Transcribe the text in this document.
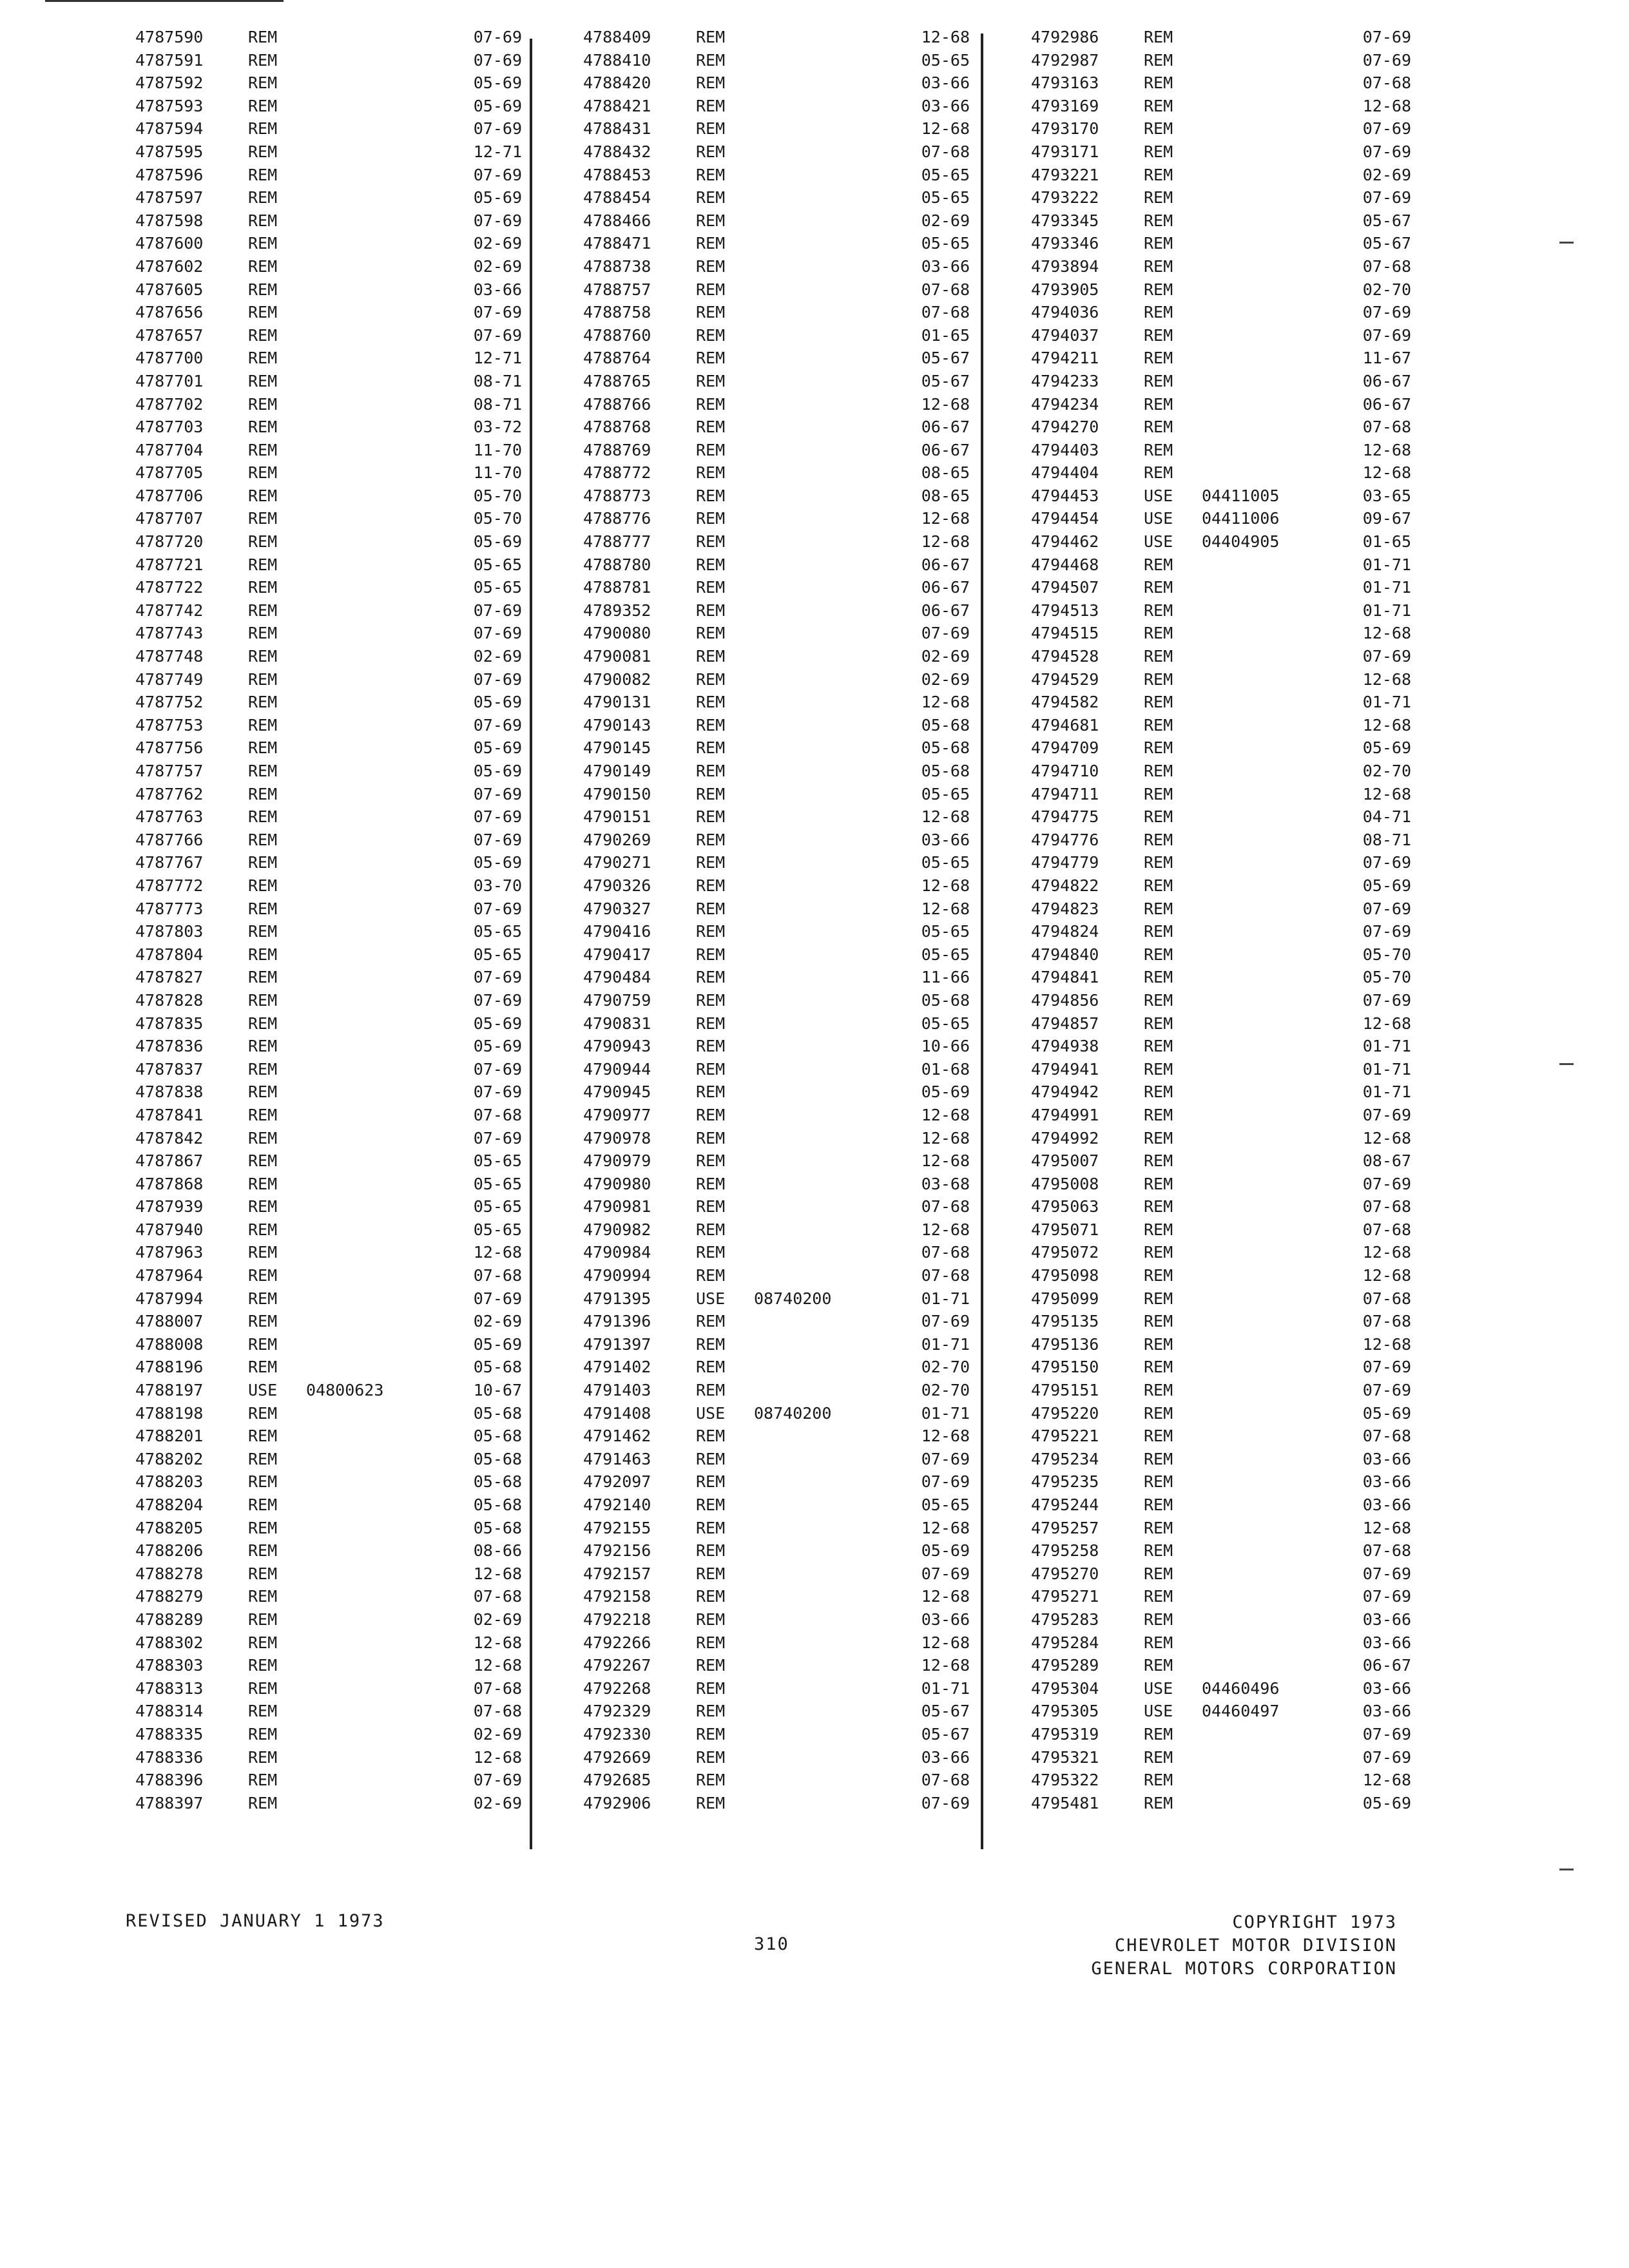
4787590	REM	07-69
4787591	REM	07-69
4787592	REM	05-69
4787593	REM	05-69
4787594	REM	07-69
4787595	REM	12-71
4787596	REM	07-69
4787597	REM	05-69
4787598	REM	07-69
4787600	REM	02-69
4787602	REM	02-69
4787605	REM	03-66
4787656	REM	07-69
4787657	REM	07-69
4787700	REM	12-71
4787701	REM	08-71
4787702	REM	08-71
4787703	REM	03-72
4787704	REM	11-70
4787705	REM	11-70
4787706	REM	05-70
4787707	REM	05-70
4787720	REM	05-69
4787721	REM	05-65
4787722	REM	05-65
4787742	REM	07-69
4787743	REM	07-69
4787748	REM	02-69
4787749	REM	07-69
4787752	REM	05-69
4787753	REM	07-69
4787756	REM	05-69
4787757	REM	05-69
4787762	REM	07-69
4787763	REM	07-69
4787766	REM	07-69
4787767	REM	05-69
4787772	REM	03-70
4787773	REM	07-69
4787803	REM	05-65
4787804	REM	05-65
4787827	REM	07-69
4787828	REM	07-69
4787835	REM	05-69
4787836	REM	05-69
4787837	REM	07-69
4787838	REM	07-69
4787841	REM	07-68
4787842	REM	07-69
4787867	REM	05-65
4787868	REM	05-65
4787939	REM	05-65
4787940	REM	05-65
4787963	REM	12-68
4787964	REM	07-68
4787994	REM	07-69
4788007	REM	02-69
4788008	REM	05-69
4788196	REM	05-68
4788197	USE 04800623	10-67
4788198	REM	05-68
4788201	REM	05-68
4788202	REM	05-68
4788203	REM	05-68
4788204	REM	05-68
4788205	REM	05-68
4788206	REM	08-66
4788278	REM	12-68
4788279	REM	07-68
4788289	REM	02-69
4788302	REM	12-68
4788303	REM	12-68
4788313	REM	07-68
4788314	REM	07-68
4788335	REM	02-69
4788336	REM	12-68
4788396	REM	07-69
4788397	REM	02-69
4788409	REM	12-68
4788410	REM	05-65
4788420	REM	03-66
4788421	REM	03-66
4788431	REM	12-68
4788432	REM	07-68
4788453	REM	05-65
4788454	REM	05-65
4788466	REM	02-69
4788471	REM	05-65
4788738	REM	03-66
4788757	REM	07-68
4788758	REM	07-68
4788760	REM	01-65
4788764	REM	05-67
4788765	REM	05-67
4788766	REM	12-68
4788768	REM	06-67
4788769	REM	06-67
4788772	REM	08-65
4788773	REM	08-65
4788776	REM	12-68
4788777	REM	12-68
4788780	REM	06-67
4788781	REM	06-67
4789352	REM	06-67
4790080	REM	07-69
4790081	REM	02-69
4790082	REM	02-69
4790131	REM	12-68
4790143	REM	05-68
4790145	REM	05-68
4790149	REM	05-68
4790150	REM	05-65
4790151	REM	12-68
4790269	REM	03-66
4790271	REM	05-65
4790326	REM	12-68
4790327	REM	12-68
4790416	REM	05-65
4790417	REM	05-65
4790484	REM	11-66
4790759	REM	05-68
4790831	REM	05-65
4790943	REM	10-66
4790944	REM	01-68
4790945	REM	05-69
4790977	REM	12-68
4790978	REM	12-68
4790979	REM	12-68
4790980	REM	03-68
4790981	REM	07-68
4790982	REM	12-68
4790984	REM	07-68
4790994	REM	07-68
4791395	USE 08740200	01-71
4791396	REM	07-69
4791397	REM	01-71
4791402	REM	02-70
4791403	REM	02-70
4791408	USE 08740200	01-71
4791462	REM	12-68
4791463	REM	07-69
4792097	REM	07-69
4792140	REM	05-65
4792155	REM	12-68
4792156	REM	05-69
4792157	REM	07-69
4792158	REM	12-68
4792218	REM	03-66
4792266	REM	12-68
4792267	REM	12-68
4792268	REM	01-71
4792329	REM	05-67
4792330	REM	05-67
4792669	REM	03-66
4792685	REM	07-68
4792906	REM	07-69
4792986	REM	07-69
4792987	REM	07-69
4793163	REM	07-68
4793169	REM	12-68
4793170	REM	07-69
4793171	REM	07-69
4793221	REM	02-69
4793222	REM	07-69
4793345	REM	05-67
4793346	REM	05-67
4793894	REM	07-68
4793905	REM	02-70
4794036	REM	07-69
4794037	REM	07-69
4794211	REM	11-67
4794233	REM	06-67
4794234	REM	06-67
4794270	REM	07-68
4794403	REM	12-68
4794404	REM	12-68
4794453	USE 04411005	03-65
4794454	USE 04411006	09-67
4794462	USE 04404905	01-65
4794468	REM	01-71
4794507	REM	01-71
4794513	REM	01-71
4794515	REM	12-68
4794528	REM	07-69
4794529	REM	12-68
4794582	REM	01-71
4794681	REM	12-68
4794709	REM	05-69
4794710	REM	02-70
4794711	REM	12-68
4794775	REM	04-71
4794776	REM	08-71
4794779	REM	07-69
4794822	REM	05-69
4794823	REM	07-69
4794824	REM	07-69
4794840	REM	05-70
4794841	REM	05-70
4794856	REM	07-69
4794857	REM	12-68
4794938	REM	01-71
4794941	REM	01-71
4794942	REM	01-71
4794991	REM	07-69
4794992	REM	12-68
4795007	REM	08-67
4795008	REM	07-69
4795063	REM	07-68
4795071	REM	07-68
4795072	REM	12-68
4795098	REM	12-68
4795099	REM	07-68
4795135	REM	07-68
4795136	REM	12-68
4795150	REM	07-69
4795151	REM	07-69
4795220	REM	05-69
4795221	REM	07-68
4795234	REM	03-66
4795235	REM	03-66
4795244	REM	03-66
4795257	REM	12-68
4795258	REM	07-68
4795270	REM	07-69
4795271	REM	07-69
4795283	REM	03-66
4795284	REM	03-66
4795289	REM	06-67
4795304	USE 04460496	03-66
4795305	USE 04460497	03-66
4795319	REM	07-69
4795321	REM	07-69
4795322	REM	12-68
4795481	REM	05-69
REVISED JANUARY 1 1973
310
COPYRIGHT 1973
CHEVROLET MOTOR DIVISION
GENERAL MOTORS CORPORATION
